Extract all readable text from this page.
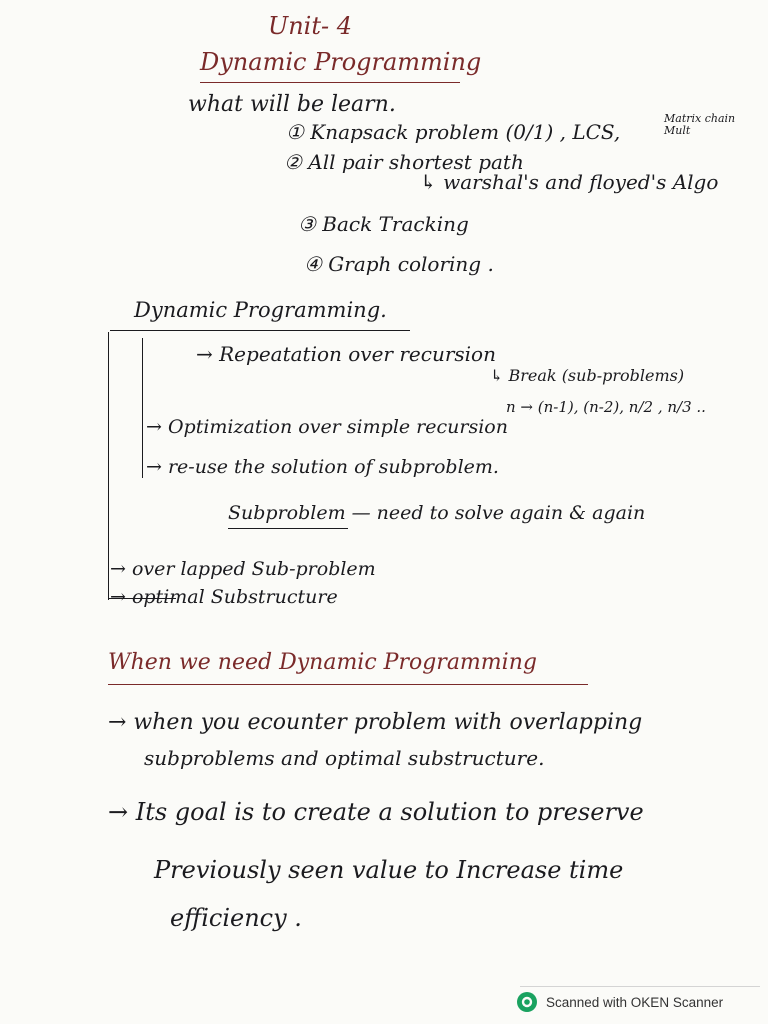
Unit- 4
Dynamic Programming
what will be learn.
① Knapsack problem (0/1) , LCS,
Matrix chain Mult
② All pair shortest path
↳ warshal's and floyed's Algo
③ Back Tracking
④ Graph coloring .
Dynamic Programming.
→ Repeatation over recursion
↳ Break (sub-problems)
n → (n-1), (n-2), n/2 , n/3 ..
→ Optimization over simple recursion
→ re-use the solution of subproblem.
Subproblem — need to solve again & again
→ over lapped Sub-problem
→ optimal Substructure
When we need Dynamic Programming
→ when you ecounter problem with overlapping
subproblems and optimal substructure.
→ Its goal is to create a solution to preserve
Previously seen value to Increase time
efficiency .
Scanned with OKEN Scanner
